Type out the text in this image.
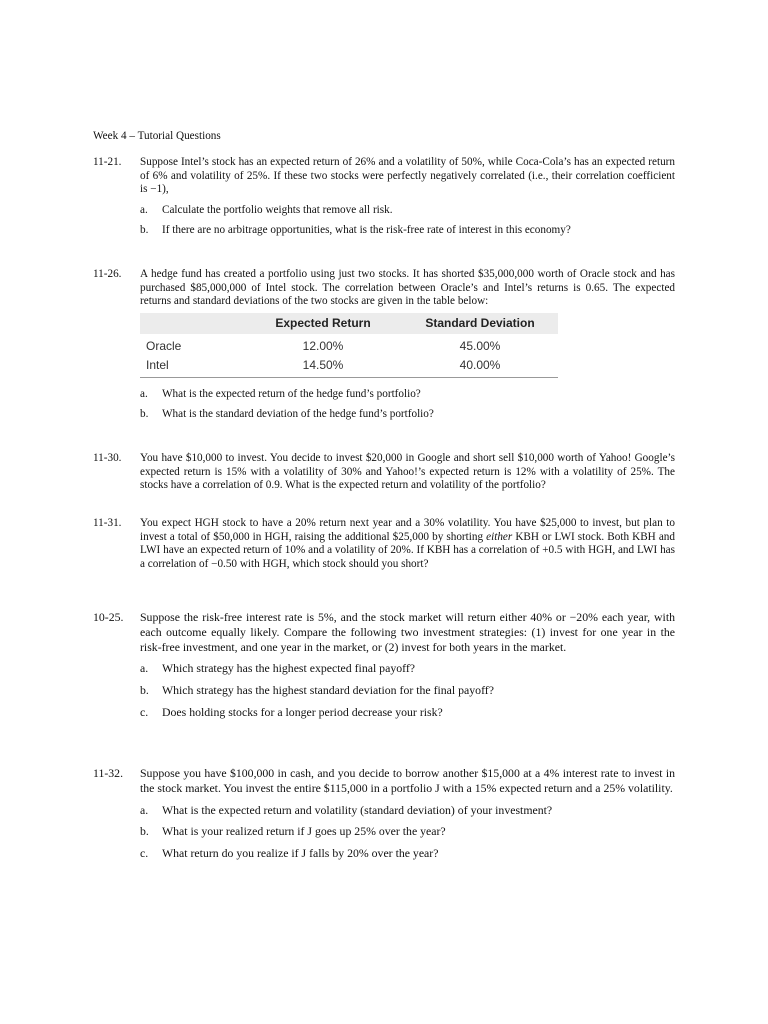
Week 4 – Tutorial Questions
11-21.	Suppose Intel’s stock has an expected return of 26% and a volatility of 50%, while Coca-Cola’s has an expected return of 6% and volatility of 25%. If these two stocks were perfectly negatively correlated (i.e., their correlation coefficient is −1),

a. Calculate the portfolio weights that remove all risk.
b. If there are no arbitrage opportunities, what is the risk-free rate of interest in this economy?
11-26.	A hedge fund has created a portfolio using just two stocks. It has shorted $35,000,000 worth of Oracle stock and has purchased $85,000,000 of Intel stock. The correlation between Oracle’s and Intel’s returns is 0.65. The expected returns and standard deviations of the two stocks are given in the table below:

	Expected Return	Standard Deviation
Oracle	12.00%	45.00%
Intel	14.50%	40.00%
a. What is the expected return of the hedge fund’s portfolio?
b. What is the standard deviation of the hedge fund’s portfolio?
11-30.	You have $10,000 to invest. You decide to invest $20,000 in Google and short sell $10,000 worth of Yahoo! Google’s expected return is 15% with a volatility of 30% and Yahoo!’s expected return is 12% with a volatility of 25%. The stocks have a correlation of 0.9. What is the expected return and volatility of the portfolio?

11-31.	You expect HGH stock to have a 20% return next year and a 30% volatility. You have $25,000 to invest, but plan to invest a total of $50,000 in HGH, raising the additional $25,000 by shorting either KBH or LWI stock. Both KBH and LWI have an expected return of 10% and a volatility of 20%. If KBH has a correlation of +0.5 with HGH, and LWI has a correlation of −0.50 with HGH, which stock should you short?

10-25.	Suppose the risk-free interest rate is 5%, and the stock market will return either 40% or −20% each year, with each outcome equally likely. Compare the following two investment strategies: (1) invest for one year in the risk-free investment, and one year in the market, or (2) invest for both years in the market.

a. Which strategy has the highest expected final payoff?
b. Which strategy has the highest standard deviation for the final payoff?
c. Does holding stocks for a longer period decrease your risk?
11-32.	Suppose you have $100,000 in cash, and you decide to borrow another $15,000 at a 4% interest rate to invest in the stock market. You invest the entire $115,000 in a portfolio J with a 15% expected return and a 25% volatility.

a. What is the expected return and volatility (standard deviation) of your investment?
b. What is your realized return if J goes up 25% over the year?
c. What return do you realize if J falls by 20% over the year?
